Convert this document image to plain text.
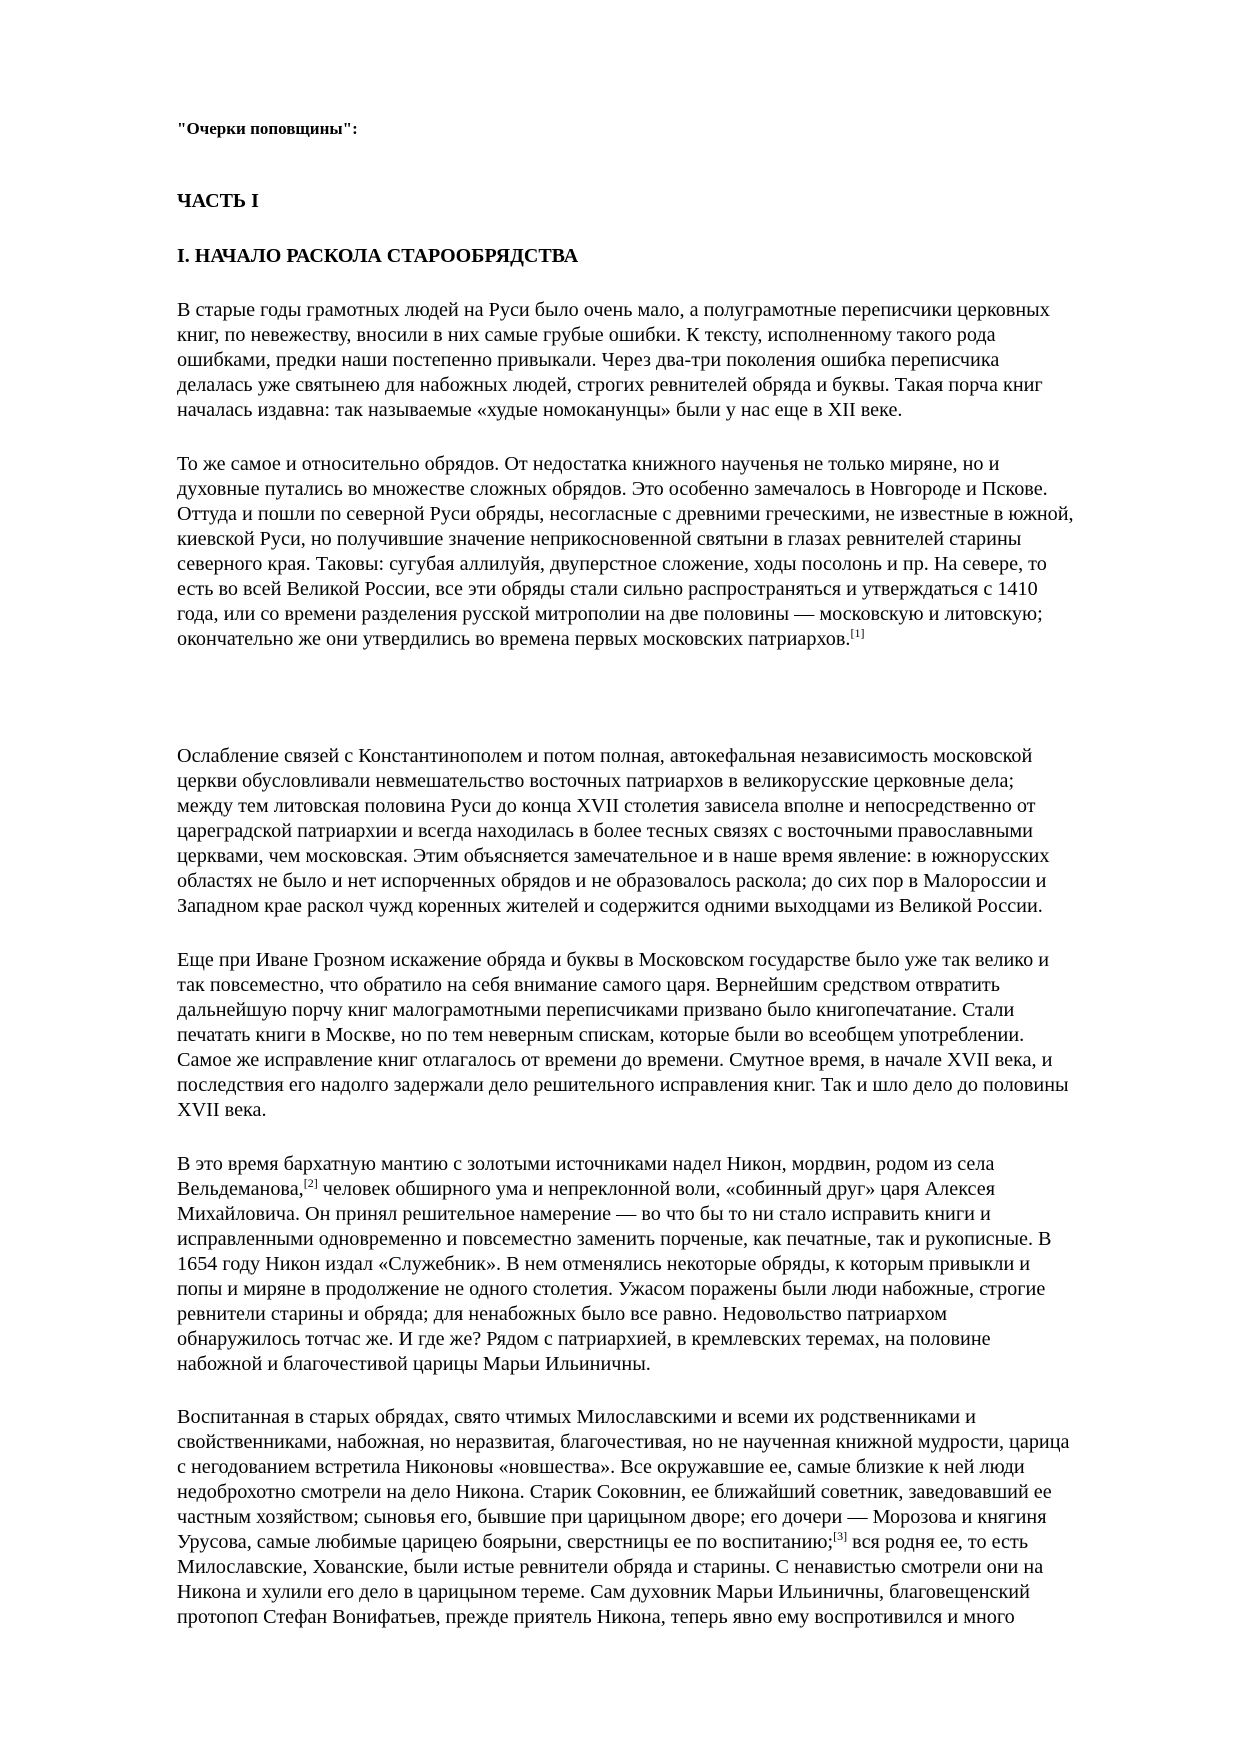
"Очерки поповщины":

ЧАСТЬ I
I. НАЧАЛО РАСКОЛА СТАРООБРЯДСТВА
В старые годы грамотных людей на Руси было очень мало, а полуграмотные переписчики церковных
книг, по невежеству, вносили в них самые грубые ошибки. К тексту, исполненному такого рода
ошибками, предки наши постепенно привыкали. Через два-три поколения ошибка переписчика
делалась уже святынею для набожных людей, строгих ревнителей обряда и буквы. Такая порча книг
началась издавна: так называемые «худые номоканунцы» были у нас еще в XII веке.
То же самое и относительно обрядов. От недостатка книжного наученья не только миряне, но и
духовные путались во множестве сложных обрядов. Это особенно замечалось в Новгороде и Пскове.
Оттуда и пошли по северной Руси обряды, несогласные с древними греческими, не известные в южной,
киевской Руси, но получившие значение неприкосновенной святыни в глазах ревнителей старины
северного края. Таковы: сугубая аллилуйя, двуперстное сложение, ходы посолонь и пр. На севере, то
есть во всей Великой России, все эти обряды стали сильно распространяться и утверждаться с 1410
года, или со времени разделения русской митрополии на две половины — московскую и литовскую;
окончательно же они утвердились во времена первых московских патриархов.[1]
Ослабление связей с Константинополем и потом полная, автокефальная независимость московской
церкви обусловливали невмешательство восточных патриархов в великорусские церковные дела;
между тем литовская половина Руси до конца XVII столетия зависела вполне и непосредственно от
цареградской патриархии и всегда находилась в более тесных связях с восточными православными
церквами, чем московская. Этим объясняется замечательное и в наше время явление: в южнорусских
областях не было и нет испорченных обрядов и не образовалось раскола; до сих пор в Малороссии и
Западном крае раскол чужд коренных жителей и содержится одними выходцами из Великой России.
Еще при Иване Грозном искажение обряда и буквы в Московском государстве было уже так велико и
так повсеместно, что обратило на себя внимание самого царя. Вернейшим средством отвратить
дальнейшую порчу книг малограмотными переписчиками призвано было книгопечатание. Стали
печатать книги в Москве, но по тем неверным спискам, которые были во всеобщем употреблении.
Самое же исправление книг отлагалось от времени до времени. Смутное время, в начале XVII века, и
последствия его надолго задержали дело решительного исправления книг. Так и шло дело до половины
XVII века.
В это время бархатную мантию с золотыми источниками надел Никон, мордвин, родом из села
Вельдеманова,[2] человек обширного ума и непреклонной воли, «собинный друг» царя Алексея
Михайловича. Он принял решительное намерение — во что бы то ни стало исправить книги и
исправленными одновременно и повсеместно заменить порченые, как печатные, так и рукописные. В
1654 году Никон издал «Служебник». В нем отменялись некоторые обряды, к которым привыкли и
попы и миряне в продолжение не одного столетия. Ужасом поражены были люди набожные, строгие
ревнители старины и обряда; для ненабожных было все равно. Недовольство патриархом
обнаружилось тотчас же. И где же? Рядом с патриархией, в кремлевских теремах, на половине
набожной и благочестивой царицы Марьи Ильиничны.
Воспитанная в старых обрядах, свято чтимых Милославскими и всеми их родственниками и
свойственниками, набожная, но неразвитая, благочестивая, но не наученная книжной мудрости, царица
с негодованием встретила Никоновы «новшества». Все окружавшие ее, самые близкие к ней люди
недоброхотно смотрели на дело Никона. Старик Соковнин, ее ближайший советник, заведовавший ее
частным хозяйством; сыновья его, бывшие при царицыном дворе; его дочери — Морозова и княгиня
Урусова, самые любимые царицею боярыни, сверстницы ее по воспитанию;[3] вся родня ее, то есть
Милославские, Хованские, были истые ревнители обряда и старины. С ненавистью смотрели они на
Никона и хулили его дело в царицыном тереме. Сам духовник Марьи Ильиничны, благовещенский
протопоп Стефан Вонифатьев, прежде приятель Никона, теперь явно ему воспротивился и много
